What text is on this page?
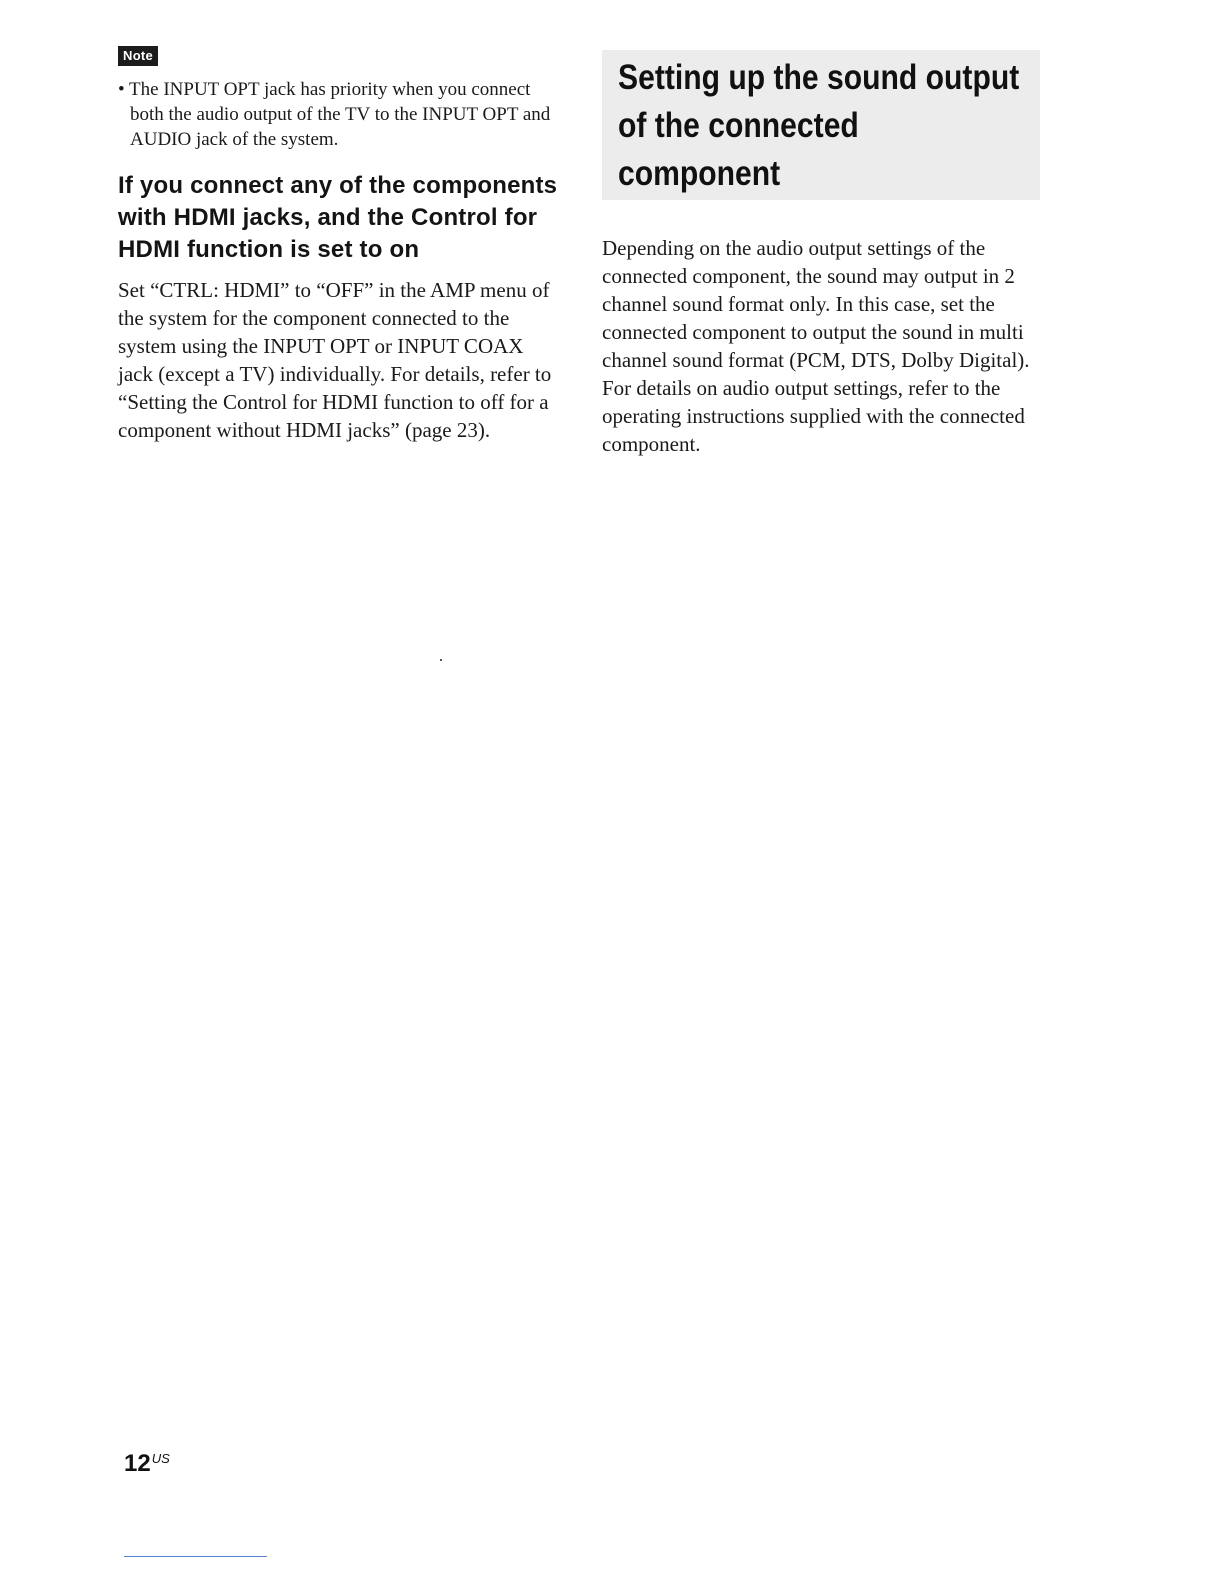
Note

• The INPUT OPT jack has priority when you connect both the audio output of the TV to the INPUT OPT and AUDIO jack of the system.

If you connect any of the components with HDMI jacks, and the Control for HDMI function is set to on

Set “CTRL: HDMI” to “OFF” in the AMP menu of the system for the component connected to the system using the INPUT OPT or INPUT COAX jack (except a TV) individually. For details, refer to “Setting the Control for HDMI function to off for a component without HDMI jacks” (page 23).

Setting up the sound output of the connected component

Depending on the audio output settings of the connected component, the sound may output in 2 channel sound format only. In this case, set the connected component to output the sound in multi channel sound format (PCM, DTS, Dolby Digital). For details on audio output settings, refer to the operating instructions supplied with the connected component.

$12^{US}$
